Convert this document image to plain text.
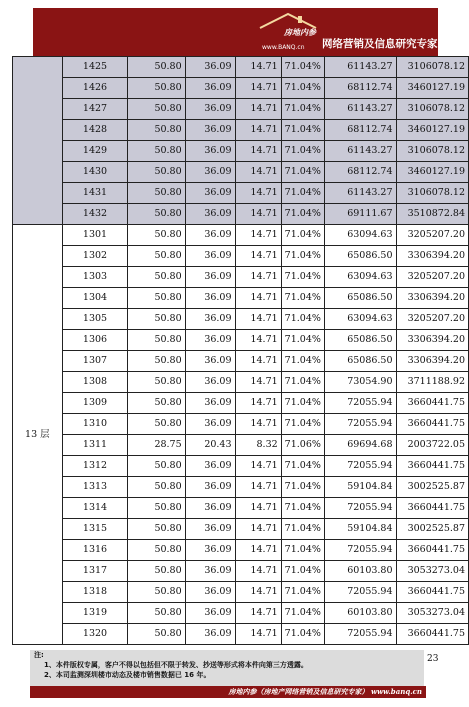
房地内参
www.BANQ.cn 网络营销及信息研究专家
	1425	50.80	36.09	14.71	71.04%	61143.27	3106078.12
	1426	50.80	36.09	14.71	71.04%	68112.74	3460127.19
	1427	50.80	36.09	14.71	71.04%	61143.27	3106078.12
	1428	50.80	36.09	14.71	71.04%	68112.74	3460127.19
	1429	50.80	36.09	14.71	71.04%	61143.27	3106078.12
	1430	50.80	36.09	14.71	71.04%	68112.74	3460127.19
	1431	50.80	36.09	14.71	71.04%	61143.27	3106078.12
	1432	50.80	36.09	14.71	71.04%	69111.67	3510872.84
13 层	1301	50.80	36.09	14.71	71.04%	63094.63	3205207.20
	1302	50.80	36.09	14.71	71.04%	65086.50	3306394.20
	1303	50.80	36.09	14.71	71.04%	63094.63	3205207.20
	1304	50.80	36.09	14.71	71.04%	65086.50	3306394.20
	1305	50.80	36.09	14.71	71.04%	63094.63	3205207.20
	1306	50.80	36.09	14.71	71.04%	65086.50	3306394.20
	1307	50.80	36.09	14.71	71.04%	65086.50	3306394.20
	1308	50.80	36.09	14.71	71.04%	73054.90	3711188.92
	1309	50.80	36.09	14.71	71.04%	72055.94	3660441.75
	1310	50.80	36.09	14.71	71.04%	72055.94	3660441.75
	1311	28.75	20.43	8.32	71.06%	69694.68	2003722.05
	1312	50.80	36.09	14.71	71.04%	72055.94	3660441.75
	1313	50.80	36.09	14.71	71.04%	59104.84	3002525.87
	1314	50.80	36.09	14.71	71.04%	72055.94	3660441.75
	1315	50.80	36.09	14.71	71.04%	59104.84	3002525.87
	1316	50.80	36.09	14.71	71.04%	72055.94	3660441.75
	1317	50.80	36.09	14.71	71.04%	60103.80	3053273.04
	1318	50.80	36.09	14.71	71.04%	72055.94	3660441.75
	1319	50.80	36.09	14.71	71.04%	60103.80	3053273.04
	1320	50.80	36.09	14.71	71.04%	72055.94	3660441.75
注:
1、本件版权专属，客户不得以包括但不限于转发、抄送等形式将本件向第三方透露。
2、本司监测深圳楼市动态及楼市销售数据已 16 年。
23
房地内参（房地产网络营销及信息研究专家） www.banq.cn
